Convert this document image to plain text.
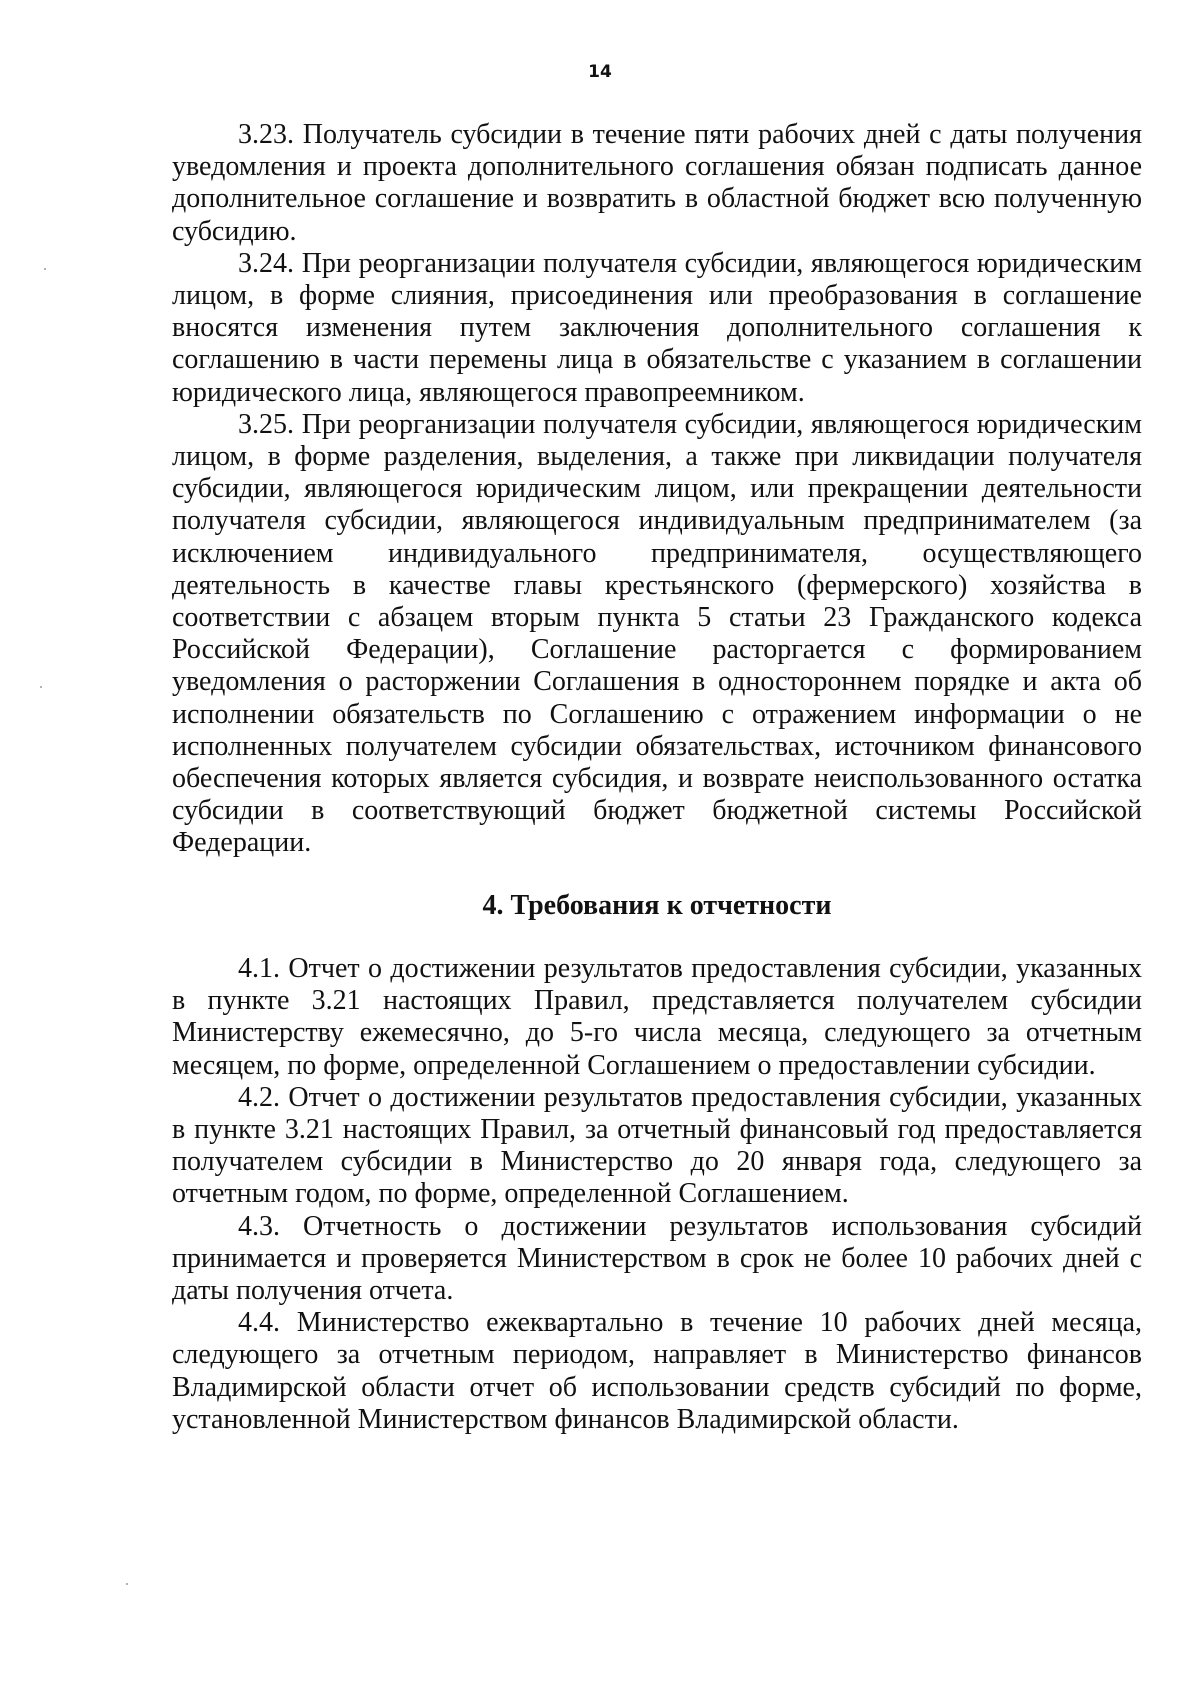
14

3.23. Получатель субсидии в течение пяти рабочих дней с даты получения уведомления и проекта дополнительного соглашения обязан подписать данное дополнительное соглашение и возвратить в областной бюджет всю полученную субсидию.

3.24. При реорганизации получателя субсидии, являющегося юридическим лицом, в форме слияния, присоединения или преобразования в соглашение вносятся изменения путем заключения дополнительного соглашения к соглашению в части перемены лица в обязательстве с указанием в соглашении юридического лица, являющегося правопреемником.

3.25. При реорганизации получателя субсидии, являющегося юридическим лицом, в форме разделения, выделения, а также при ликвидации получателя субсидии, являющегося юридическим лицом, или прекращении деятельности получателя субсидии, являющегося индивидуальным предпринимателем (за исключением индивидуального предпринимателя, осуществляющего деятельность в качестве главы крестьянского (фермерского) хозяйства в соответствии с абзацем вторым пункта 5 статьи 23 Гражданского кодекса Российской Федерации), Соглашение расторгается с формированием уведомления о расторжении Соглашения в одностороннем порядке и акта об исполнении обязательств по Соглашению с отражением информации о не исполненных получателем субсидии обязательствах, источником финансового обеспечения которых является субсидия, и возврате неиспользованного остатка субсидии в соответствующий бюджет бюджетной системы Российской Федерации.

4. Требования к отчетности

4.1. Отчет о достижении результатов предоставления субсидии, указанных в пункте 3.21 настоящих Правил, представляется получателем субсидии Министерству ежемесячно, до 5-го числа месяца, следующего за отчетным месяцем, по форме, определенной Соглашением о предоставлении субсидии.

4.2. Отчет о достижении результатов предоставления субсидии, указанных в пункте 3.21 настоящих Правил, за отчетный финансовый год предоставляется получателем субсидии в Министерство до 20 января года, следующего за отчетным годом, по форме, определенной Соглашением.

4.3. Отчетность о достижении результатов использования субсидий принимается и проверяется Министерством в срок не более 10 рабочих дней с даты получения отчета.

4.4. Министерство ежеквартально в течение 10 рабочих дней месяца, следующего за отчетным периодом, направляет в Министерство финансов Владимирской области отчет об использовании средств субсидий по форме, установленной Министерством финансов Владимирской области.
